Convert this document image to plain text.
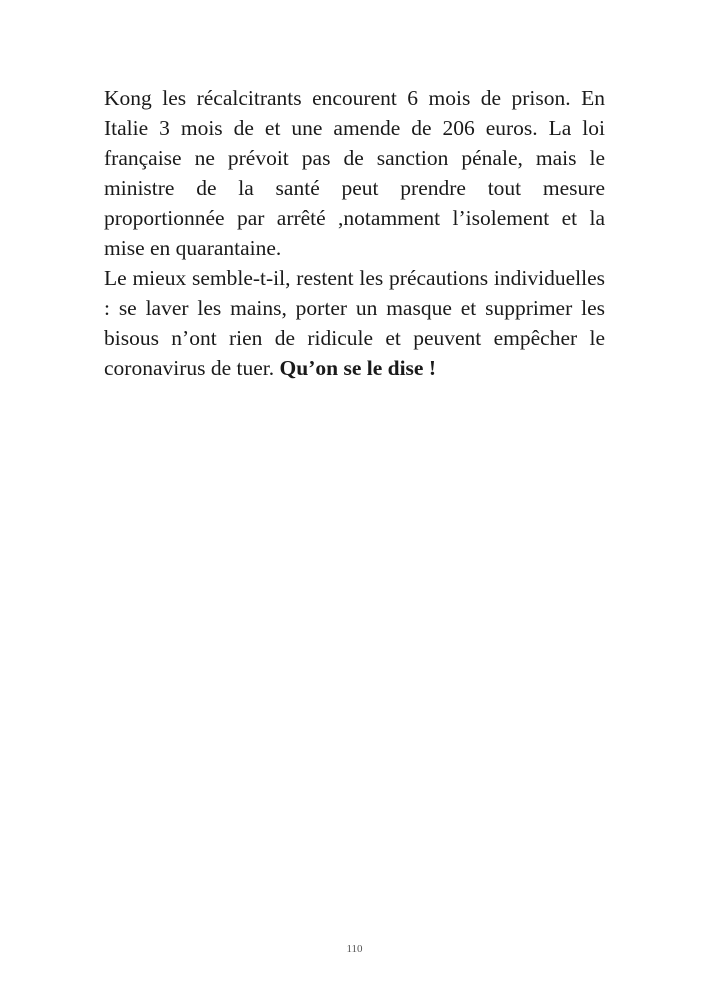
Kong les récalcitrants encourent 6 mois de prison. En Italie 3 mois de et une amende de 206 euros. La loi française ne prévoit pas de sanction pénale, mais le ministre de la santé peut prendre tout mesure proportionnée par arrêté ,notamment l’isolement et la mise en quarantaine.

Le mieux semble-t-il, restent les précautions individuelles : se laver les mains, porter un masque et supprimer les bisous n’ont rien de ridicule et peuvent empêcher le coronavirus de tuer. Qu’on se le dise !

110
